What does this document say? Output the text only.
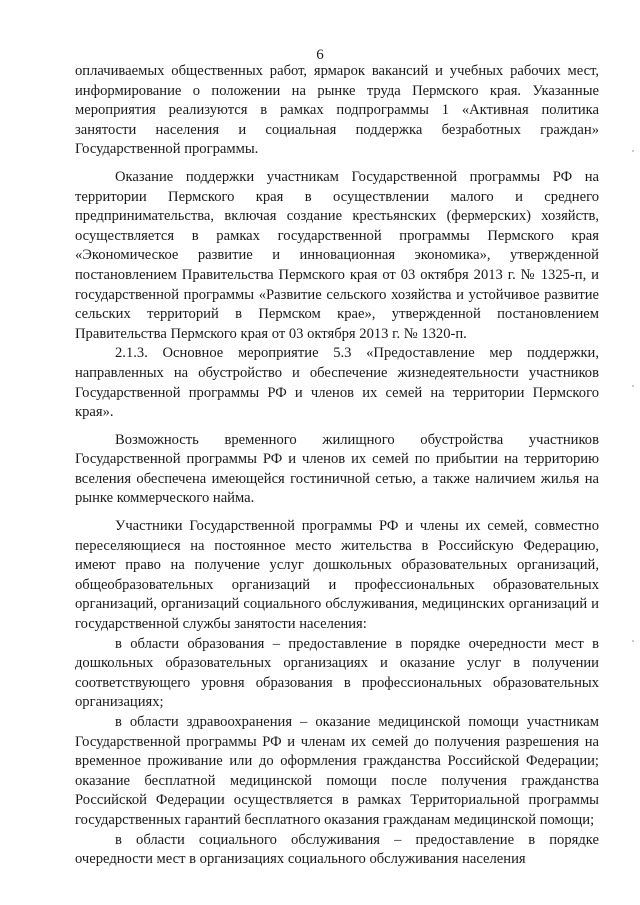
6

оплачиваемых общественных работ, ярмарок вакансий и учебных рабочих мест, информирование о положении на рынке труда Пермского края. Указанные мероприятия реализуются в рамках подпрограммы 1 «Активная политика занятости населения и социальная поддержка безработных граждан» Государственной программы.

Оказание поддержки участникам Государственной программы РФ на территории Пермского края в осуществлении малого и среднего предпринимательства, включая создание крестьянских (фермерских) хозяйств, осуществляется в рамках государственной программы Пермского края «Экономическое развитие и инновационная экономика», утвержденной постановлением Правительства Пермского края от 03 октября 2013 г. № 1325-п, и государственной программы «Развитие сельского хозяйства и устойчивое развитие сельских территорий в Пермском крае», утвержденной постановлением Правительства Пермского края от 03 октября 2013 г. № 1320-п.

2.1.3. Основное мероприятие 5.3 «Предоставление мер поддержки, направленных на обустройство и обеспечение жизнедеятельности участников Государственной программы РФ и членов их семей на территории Пермского края».

Возможность временного жилищного обустройства участников Государственной программы РФ и членов их семей по прибытии на территорию вселения обеспечена имеющейся гостиничной сетью, а также наличием жилья на рынке коммерческого найма.

Участники Государственной программы РФ и члены их семей, совместно переселяющиеся на постоянное место жительства в Российскую Федерацию, имеют право на получение услуг дошкольных образовательных организаций, общеобразовательных организаций и профессиональных образовательных организаций, организаций социального обслуживания, медицинских организаций и государственной службы занятости населения:

в области образования – предоставление в порядке очередности мест в дошкольных образовательных организациях и оказание услуг в получении соответствующего уровня образования в профессиональных образовательных организациях;

в области здравоохранения – оказание медицинской помощи участникам Государственной программы РФ и членам их семей до получения разрешения на временное проживание или до оформления гражданства Российской Федерации; оказание бесплатной медицинской помощи после получения гражданства Российской Федерации осуществляется в рамках Территориальной программы государственных гарантий бесплатного оказания гражданам медицинской помощи;

в области социального обслуживания – предоставление в порядке очередности мест в организациях социального обслуживания населения
